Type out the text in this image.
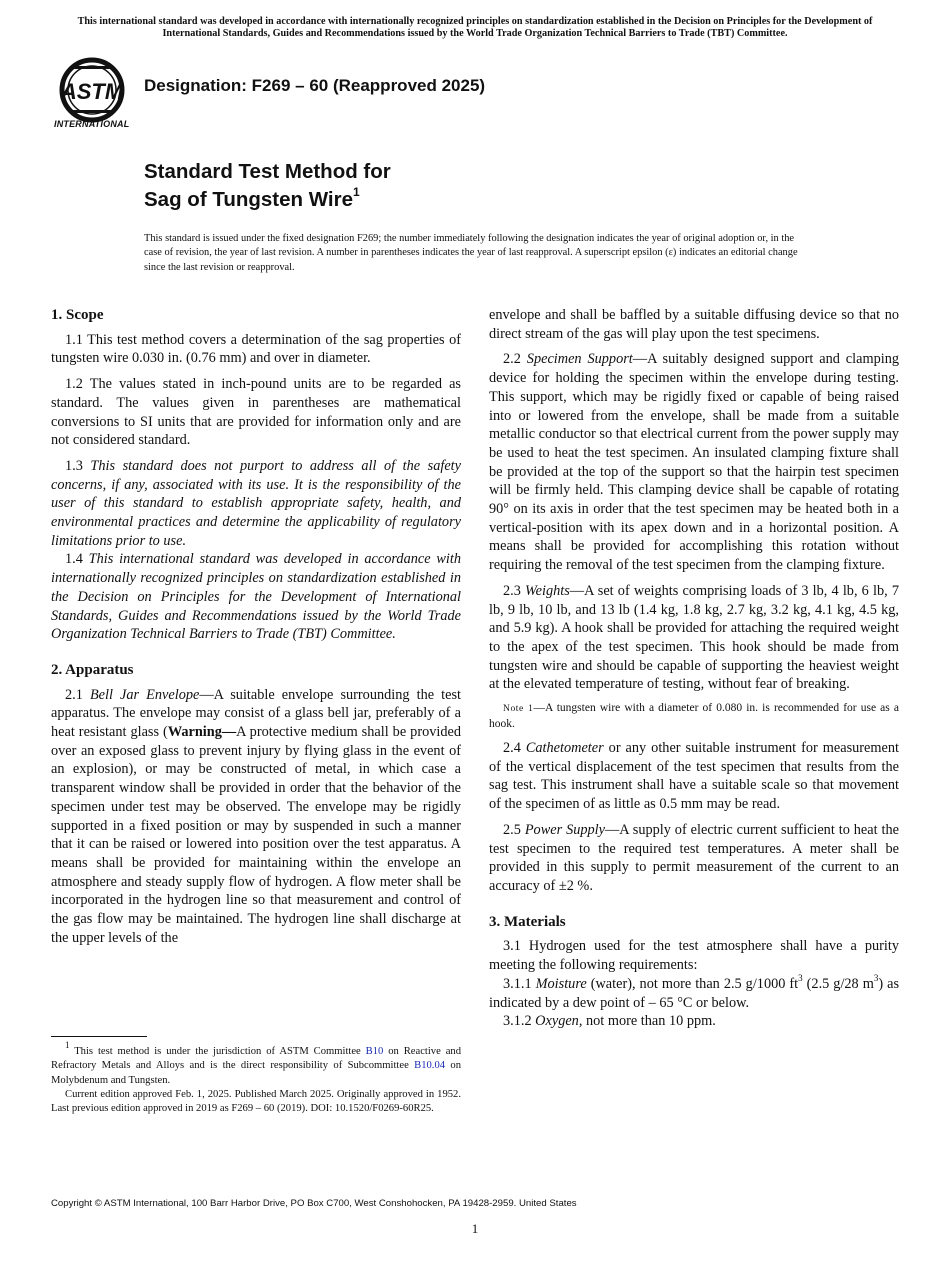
This international standard was developed in accordance with internationally recognized principles on standardization established in the Decision on Principles for the Development of International Standards, Guides and Recommendations issued by the World Trade Organization Technical Barriers to Trade (TBT) Committee.
ASTM
INTERNATIONAL
Designation: F269 – 60 (Reapproved 2025)
Standard Test Method for
Sag of Tungsten Wire$^1$
This standard is issued under the fixed designation F269; the number immediately following the designation indicates the year of original adoption or, in the case of revision, the year of last revision. A number in parentheses indicates the year of last reapproval. A superscript epsilon (ε) indicates an editorial change since the last revision or reapproval.
1. Scope

1.1 This test method covers a determination of the sag properties of tungsten wire 0.030 in. (0.76 mm) and over in diameter.

1.2 The values stated in inch-pound units are to be regarded as standard. The values given in parentheses are mathematical conversions to SI units that are provided for information only and are not considered standard.

1.3 This standard does not purport to address all of the safety concerns, if any, associated with its use. It is the responsibility of the user of this standard to establish appropriate safety, health, and environmental practices and determine the applicability of regulatory limitations prior to use.

1.4 This international standard was developed in accordance with internationally recognized principles on standardization established in the Decision on Principles for the Development of International Standards, Guides and Recommendations issued by the World Trade Organization Technical Barriers to Trade (TBT) Committee.

2. Apparatus

2.1 Bell Jar Envelope—A suitable envelope surrounding the test apparatus. The envelope may consist of a glass bell jar, preferably of a heat resistant glass (Warning—A protective medium shall be provided over an exposed glass to prevent injury by flying glass in the event of an explosion), or may be constructed of metal, in which case a transparent window shall be provided in order that the behavior of the specimen under test may be observed. The envelope may be rigidly supported in a fixed position or may by suspended in such a manner that it can be raised or lowered into position over the test apparatus. A means shall be provided for maintaining within the envelope an atmosphere and steady supply flow of hydrogen. A flow meter shall be incorporated in the hydrogen line so that measurement and control of the gas flow may be maintained. The hydrogen line shall discharge at the upper levels of the

envelope and shall be baffled by a suitable diffusing device so that no direct stream of the gas will play upon the test specimens.

2.2 Specimen Support—A suitably designed support and clamping device for holding the specimen within the envelope during testing. This support, which may be rigidly fixed or capable of being raised into or lowered from the envelope, shall be made from a suitable metallic conductor so that electrical current from the power supply may be used to heat the test specimen. An insulated clamping fixture shall be provided at the top of the support so that the hairpin test specimen will be firmly held. This clamping device shall be capable of rotating 90° on its axis in order that the test specimen may be heated both in a vertical-position with its apex down and in a horizontal position. A means shall be provided for accomplishing this rotation without requiring the removal of the test specimen from the clamping fixture.

2.3 Weights—A set of weights comprising loads of 3 lb, 4 lb, 6 lb, 7 lb, 9 lb, 10 lb, and 13 lb (1.4 kg, 1.8 kg, 2.7 kg, 3.2 kg, 4.1 kg, 4.5 kg, and 5.9 kg). A hook shall be provided for attaching the required weight to the apex of the test specimen. This hook should be made from tungsten wire and should be capable of supporting the heaviest weight at the elevated temperature of testing, without fear of breaking.

Note 1—A tungsten wire with a diameter of 0.080 in. is recommended for use as a hook.

2.4 Cathetometer or any other suitable instrument for measurement of the vertical displacement of the test specimen that results from the sag test. This instrument shall have a suitable scale so that movement of the specimen of as little as 0.5 mm may be read.

2.5 Power Supply—A supply of electric current sufficient to heat the test specimen to the required test temperatures. A meter shall be provided in this supply to permit measurement of the current to an accuracy of ±2 %.

3. Materials

3.1 Hydrogen used for the test atmosphere shall have a purity meeting the following requirements:

3.1.1 Moisture (water), not more than 2.5 g/1000 $ft^3$ (2.5 g/28 $m^3$) as indicated by a dew point of – 65 °C or below.

3.1.2 Oxygen, not more than 10 ppm.

$^1$ This test method is under the jurisdiction of ASTM Committee B10 on Reactive and Refractory Metals and Alloys and is the direct responsibility of Subcommittee B10.04 on Molybdenum and Tungsten.

Current edition approved Feb. 1, 2025. Published March 2025. Originally approved in 1952. Last previous edition approved in 2019 as F269 – 60 (2019). DOI: 10.1520/F0269-60R25.

Copyright © ASTM International, 100 Barr Harbor Drive, PO Box C700, West Conshohocken, PA 19428-2959. United States
1
